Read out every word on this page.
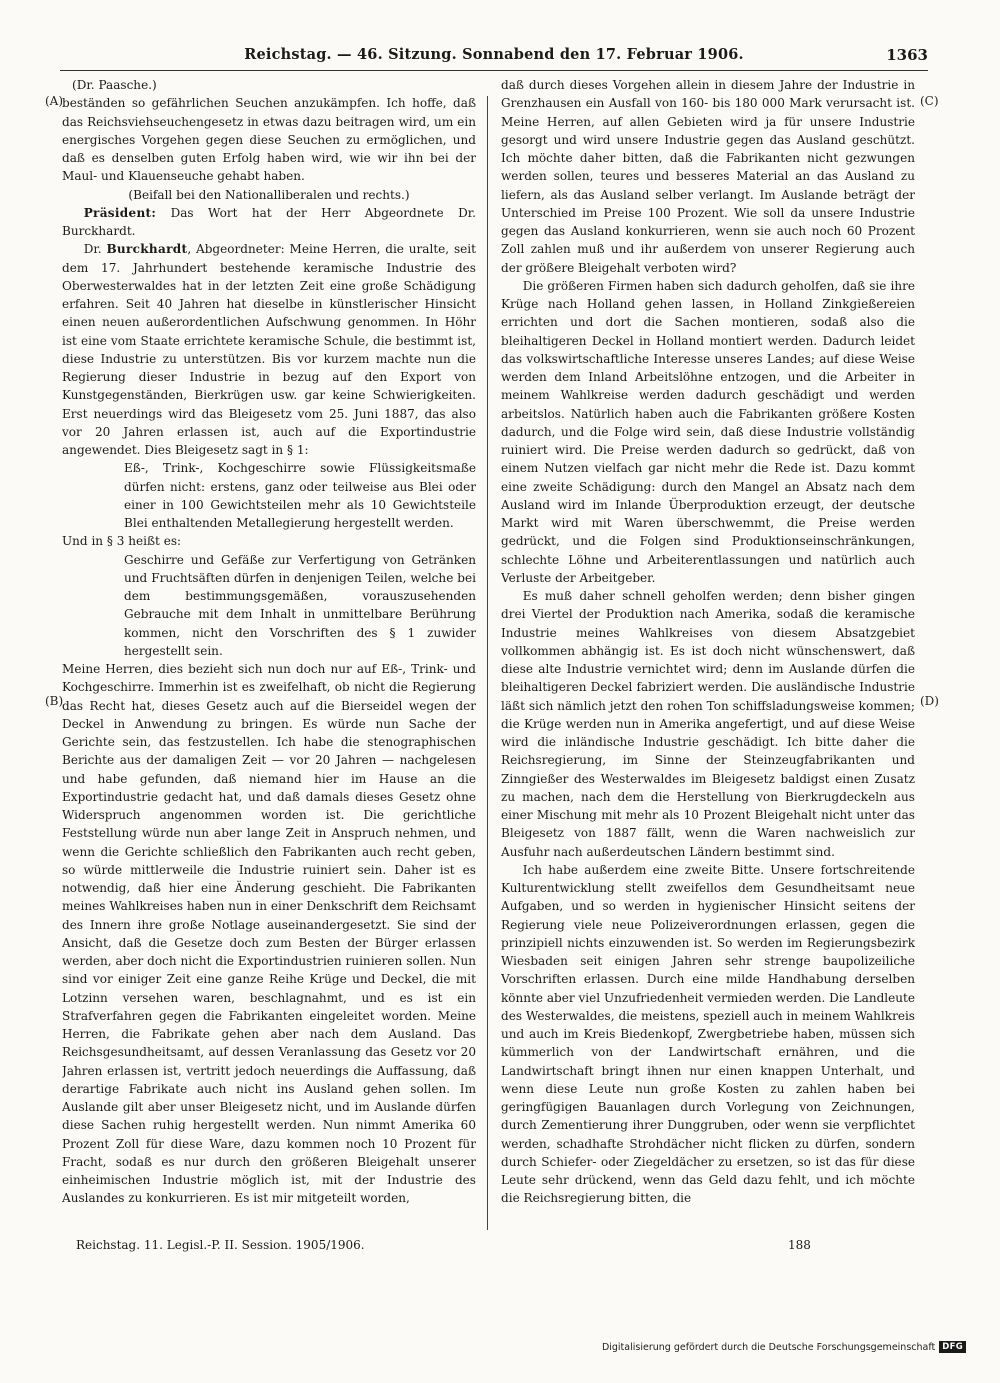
Reichstag. — 46. Sitzung. Sonnabend den 17. Februar 1906.	1363
(A)
(B)
(C)
(D)

(Dr. Paasche.)

beständen so gefährlichen Seuchen anzukämpfen. Ich hoffe, daß das Reichsviehseuchengesetz in etwas dazu beitragen wird, um ein energisches Vorgehen gegen diese Seuchen zu ermöglichen, und daß es denselben guten Erfolg haben wird, wie wir ihn bei der Maul- und Klauenseuche gehabt haben.

(Beifall bei den Nationalliberalen und rechts.)

Präsident: Das Wort hat der Herr Abgeordnete Dr. Burckhardt.

Dr. Burckhardt, Abgeordneter: Meine Herren, die uralte, seit dem 17. Jahrhundert bestehende keramische Industrie des Oberwesterwaldes hat in der letzten Zeit eine große Schädigung erfahren. Seit 40 Jahren hat dieselbe in künstlerischer Hinsicht einen neuen außerordentlichen Aufschwung genommen. In Höhr ist eine vom Staate errichtete keramische Schule, die bestimmt ist, diese Industrie zu unterstützen. Bis vor kurzem machte nun die Regierung dieser Industrie in bezug auf den Export von Kunstgegenständen, Bierkrügen usw. gar keine Schwierigkeiten. Erst neuerdings wird das Bleigesetz vom 25. Juni 1887, das also vor 20 Jahren erlassen ist, auch auf die Exportindustrie angewendet. Dies Bleigesetz sagt in § 1:

Eß-, Trink-, Kochgeschirre sowie Flüssigkeitsmaße dürfen nicht: erstens, ganz oder teilweise aus Blei oder einer in 100 Gewichtsteilen mehr als 10 Gewichtsteile Blei enthaltenden Metallegierung hergestellt werden.

Und in § 3 heißt es:

Geschirre und Gefäße zur Verfertigung von Getränken und Fruchtsäften dürfen in denjenigen Teilen, welche bei dem bestimmungsgemäßen, vorauszusehenden Gebrauche mit dem Inhalt in unmittelbare Berührung kommen, nicht den Vorschriften des § 1 zuwider hergestellt sein.

Meine Herren, dies bezieht sich nun doch nur auf Eß-, Trink- und Kochgeschirre. Immerhin ist es zweifelhaft, ob nicht die Regierung das Recht hat, dieses Gesetz auch auf die Bierseidel wegen der Deckel in Anwendung zu bringen. Es würde nun Sache der Gerichte sein, das festzustellen. Ich habe die stenographischen Berichte aus der damaligen Zeit — vor 20 Jahren — nachgelesen und habe gefunden, daß niemand hier im Hause an die Exportindustrie gedacht hat, und daß damals dieses Gesetz ohne Widerspruch angenommen worden ist. Die gerichtliche Feststellung würde nun aber lange Zeit in Anspruch nehmen, und wenn die Gerichte schließlich den Fabrikanten auch recht geben, so würde mittlerweile die Industrie ruiniert sein. Daher ist es notwendig, daß hier eine Änderung geschieht. Die Fabrikanten meines Wahlkreises haben nun in einer Denkschrift dem Reichsamt des Innern ihre große Notlage auseinandergesetzt. Sie sind der Ansicht, daß die Gesetze doch zum Besten der Bürger erlassen werden, aber doch nicht die Exportindustrien ruinieren sollen. Nun sind vor einiger Zeit eine ganze Reihe Krüge und Deckel, die mit Lotzinn versehen waren, beschlagnahmt, und es ist ein Strafverfahren gegen die Fabrikanten eingeleitet worden. Meine Herren, die Fabrikate gehen aber nach dem Ausland. Das Reichsgesundheitsamt, auf dessen Veranlassung das Gesetz vor 20 Jahren erlassen ist, vertritt jedoch neuerdings die Auffassung, daß derartige Fabrikate auch nicht ins Ausland gehen sollen. Im Auslande gilt aber unser Bleigesetz nicht, und im Auslande dürfen diese Sachen ruhig hergestellt werden. Nun nimmt Amerika 60 Prozent Zoll für diese Ware, dazu kommen noch 10 Prozent für Fracht, sodaß es nur durch den größeren Bleigehalt unserer einheimischen Industrie möglich ist, mit der Industrie des Auslandes zu konkurrieren. Es ist mir mitgeteilt worden,

daß durch dieses Vorgehen allein in diesem Jahre der Industrie in Grenzhausen ein Ausfall von 160- bis 180 000 Mark verursacht ist. Meine Herren, auf allen Gebieten wird ja für unsere Industrie gesorgt und wird unsere Industrie gegen das Ausland geschützt. Ich möchte daher bitten, daß die Fabrikanten nicht gezwungen werden sollen, teures und besseres Material an das Ausland zu liefern, als das Ausland selber verlangt. Im Auslande beträgt der Unterschied im Preise 100 Prozent. Wie soll da unsere Industrie gegen das Ausland konkurrieren, wenn sie auch noch 60 Prozent Zoll zahlen muß und ihr außerdem von unserer Regierung auch der größere Bleigehalt verboten wird?

Die größeren Firmen haben sich dadurch geholfen, daß sie ihre Krüge nach Holland gehen lassen, in Holland Zinkgießereien errichten und dort die Sachen montieren, sodaß also die bleihaltigeren Deckel in Holland montiert werden. Dadurch leidet das volkswirtschaftliche Interesse unseres Landes; auf diese Weise werden dem Inland Arbeitslöhne entzogen, und die Arbeiter in meinem Wahlkreise werden dadurch geschädigt und werden arbeitslos. Natürlich haben auch die Fabrikanten größere Kosten dadurch, und die Folge wird sein, daß diese Industrie vollständig ruiniert wird. Die Preise werden dadurch so gedrückt, daß von einem Nutzen vielfach gar nicht mehr die Rede ist. Dazu kommt eine zweite Schädigung: durch den Mangel an Absatz nach dem Ausland wird im Inlande Überproduktion erzeugt, der deutsche Markt wird mit Waren überschwemmt, die Preise werden gedrückt, und die Folgen sind Produktionseinschränkungen, schlechte Löhne und Arbeiterentlassungen und natürlich auch Verluste der Arbeitgeber.

Es muß daher schnell geholfen werden; denn bisher gingen drei Viertel der Produktion nach Amerika, sodaß die keramische Industrie meines Wahlkreises von diesem Absatzgebiet vollkommen abhängig ist. Es ist doch nicht wünschenswert, daß diese alte Industrie vernichtet wird; denn im Auslande dürfen die bleihaltigeren Deckel fabriziert werden. Die ausländische Industrie läßt sich nämlich jetzt den rohen Ton schiffsladungsweise kommen; die Krüge werden nun in Amerika angefertigt, und auf diese Weise wird die inländische Industrie geschädigt. Ich bitte daher die Reichsregierung, im Sinne der Steinzeugfabrikanten und Zinngießer des Westerwaldes im Bleigesetz baldigst einen Zusatz zu machen, nach dem die Herstellung von Bierkrugdeckeln aus einer Mischung mit mehr als 10 Prozent Bleigehalt nicht unter das Bleigesetz von 1887 fällt, wenn die Waren nachweislich zur Ausfuhr nach außerdeutschen Ländern bestimmt sind.

Ich habe außerdem eine zweite Bitte. Unsere fortschreitende Kulturentwicklung stellt zweifellos dem Gesundheitsamt neue Aufgaben, und so werden in hygienischer Hinsicht seitens der Regierung viele neue Polizeiverordnungen erlassen, gegen die prinzipiell nichts einzuwenden ist. So werden im Regierungsbezirk Wiesbaden seit einigen Jahren sehr strenge baupolizeiliche Vorschriften erlassen. Durch eine milde Handhabung derselben könnte aber viel Unzufriedenheit vermieden werden. Die Landleute des Westerwaldes, die meistens, speziell auch in meinem Wahlkreis und auch im Kreis Biedenkopf, Zwergbetriebe haben, müssen sich kümmerlich von der Landwirtschaft ernähren, und die Landwirtschaft bringt ihnen nur einen knappen Unterhalt, und wenn diese Leute nun große Kosten zu zahlen haben bei geringfügigen Bauanlagen durch Vorlegung von Zeichnungen, durch Zementierung ihrer Dunggruben, oder wenn sie verpflichtet werden, schadhafte Strohdächer nicht flicken zu dürfen, sondern durch Schiefer- oder Ziegeldächer zu ersetzen, so ist das für diese Leute sehr drückend, wenn das Geld dazu fehlt, und ich möchte die Reichsregierung bitten, die

Reichstag. 11. Legisl.-P. II. Session. 1905/1906.	188
Digitalisierung gefördert durch die Deutsche Forschungsgemeinschaft DFG
